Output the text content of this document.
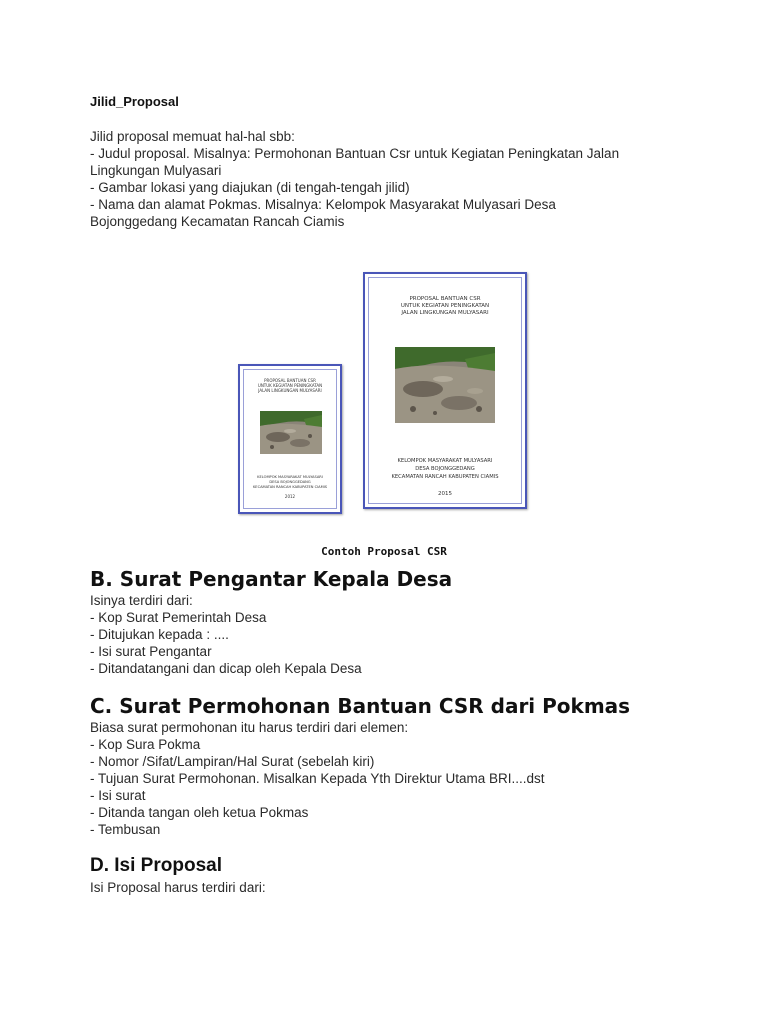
Jilid_Proposal
Jilid proposal memuat hal-hal sbb:
- Judul proposal. Misalnya: Permohonan Bantuan Csr untuk Kegiatan Peningkatan Jalan
Lingkungan Mulyasari
- Gambar lokasi yang diajukan (di tengah-tengah jilid)
- Nama dan alamat Pokmas. Misalnya: Kelompok Masyarakat Mulyasari Desa
Bojonggedang Kecamatan Rancah Ciamis
PROPOSAL BANTUAN CSR
UNTUK KEGIATAN PENINGKATAN
JALAN LINGKUNGAN MULYASARI
KELOMPOK MASYARAKAT MULYASARI
DESA BOJONGGEDANG
KECAMATAN RANCAH KABUPATEN CIAMIS
2012
PROPOSAL BANTUAN CSR
UNTUK KEGIATAN PENINGKATAN
JALAN LINGKUNGAN MULYASARI
KELOMPOK MASYARAKAT MULYASARI
DESA BOJONGGEDANG
KECAMATAN RANCAH KABUPATEN CIAMIS
2015
Contoh Proposal CSR
B. Surat Pengantar Kepala Desa
Isinya terdiri dari:
- Kop Surat Pemerintah Desa
- Ditujukan kepada : ....
- Isi surat Pengantar
- Ditandatangani dan dicap oleh Kepala Desa
C. Surat Permohonan Bantuan CSR dari Pokmas
Biasa surat permohonan itu harus terdiri dari elemen:
- Kop Sura Pokma
- Nomor /Sifat/Lampiran/Hal Surat (sebelah kiri)
- Tujuan Surat Permohonan. Misalkan Kepada Yth Direktur Utama BRI....dst
- Isi surat
- Ditanda tangan oleh ketua Pokmas
- Tembusan
D. Isi Proposal
Isi Proposal harus terdiri dari:
